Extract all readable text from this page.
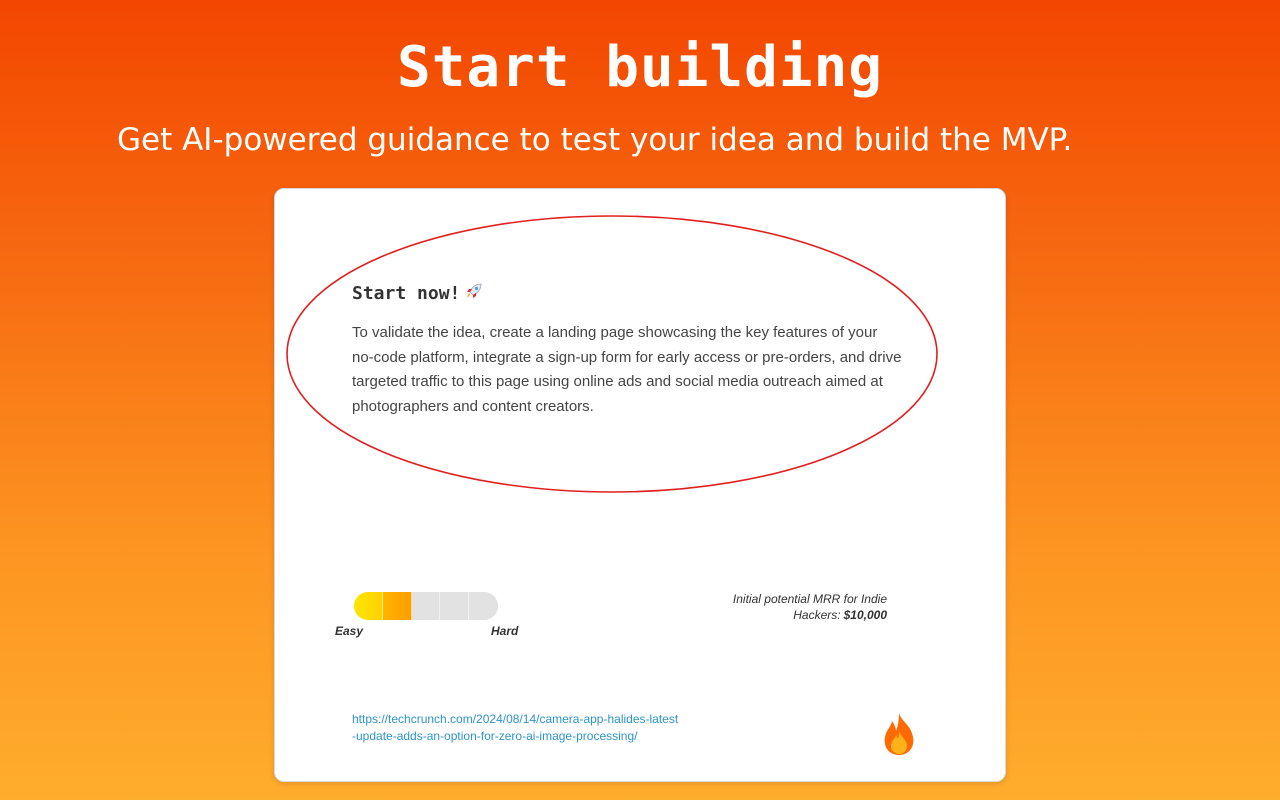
Start building

Get AI-powered guidance to test your idea and build the MVP.

Start now!

To validate the idea, create a landing page showcasing the key features of your no-code platform, integrate a sign-up form for early access or pre-orders, and drive targeted traffic to this page using online ads and social media outreach aimed at photographers and content creators.

Easy	Hard
Initial potential MRR for Indie Hackers: $10,000
https://techcrunch.com/2024/08/14/camera-app-halides-latest-update-adds-an-option-for-zero-ai-image-processing/
